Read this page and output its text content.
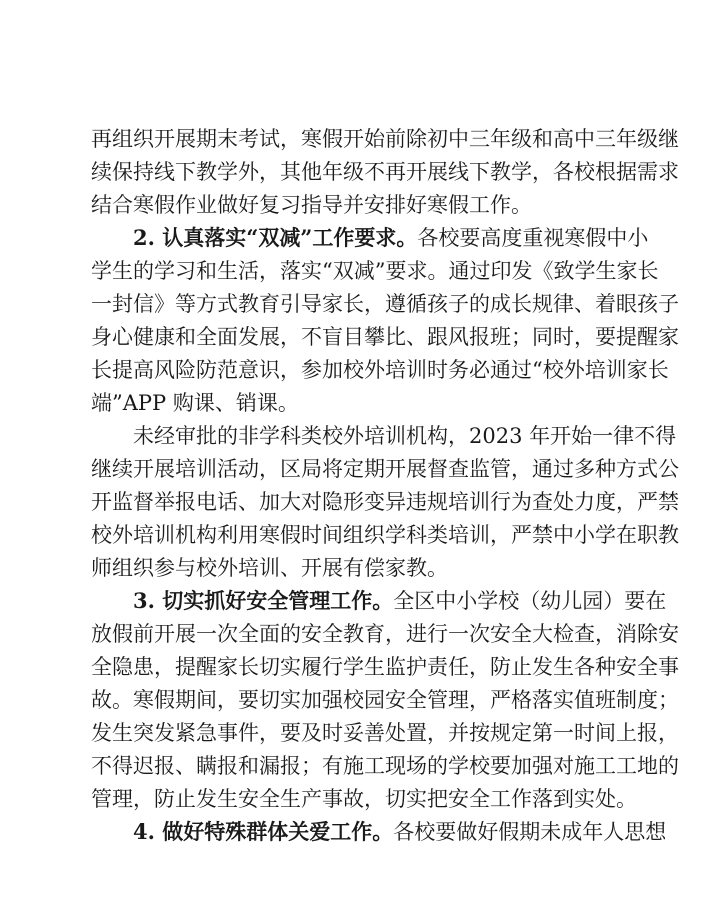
再组织开展期末考试，寒假开始前除初中三年级和高中三年级继
续保持线下教学外，其他年级不再开展线下教学，各校根据需求
结合寒假作业做好复习指导并安排好寒假工作。
2. 认真落实“双减”工作要求。各校要高度重视寒假中小
学生的学习和生活，落实“双减”要求。通过印发《致学生家长
一封信》等方式教育引导家长，遵循孩子的成长规律、着眼孩子
身心健康和全面发展，不盲目攀比、跟风报班；同时，要提醒家
长提高风险防范意识，参加校外培训时务必通过“校外培训家长
端”APP 购课、销课。
未经审批的非学科类校外培训机构，2023 年开始一律不得
继续开展培训活动，区局将定期开展督查监管，通过多种方式公
开监督举报电话、加大对隐形变异违规培训行为查处力度，严禁
校外培训机构利用寒假时间组织学科类培训，严禁中小学在职教
师组织参与校外培训、开展有偿家教。
3. 切实抓好安全管理工作。全区中小学校（幼儿园）要在
放假前开展一次全面的安全教育，进行一次安全大检查，消除安
全隐患，提醒家长切实履行学生监护责任，防止发生各种安全事
故。寒假期间，要切实加强校园安全管理，严格落实值班制度；
发生突发紧急事件，要及时妥善处置，并按规定第一时间上报，
不得迟报、瞒报和漏报；有施工现场的学校要加强对施工工地的
管理，防止发生安全生产事故，切实把安全工作落到实处。
4. 做好特殊群体关爱工作。各校要做好假期未成年人思想
